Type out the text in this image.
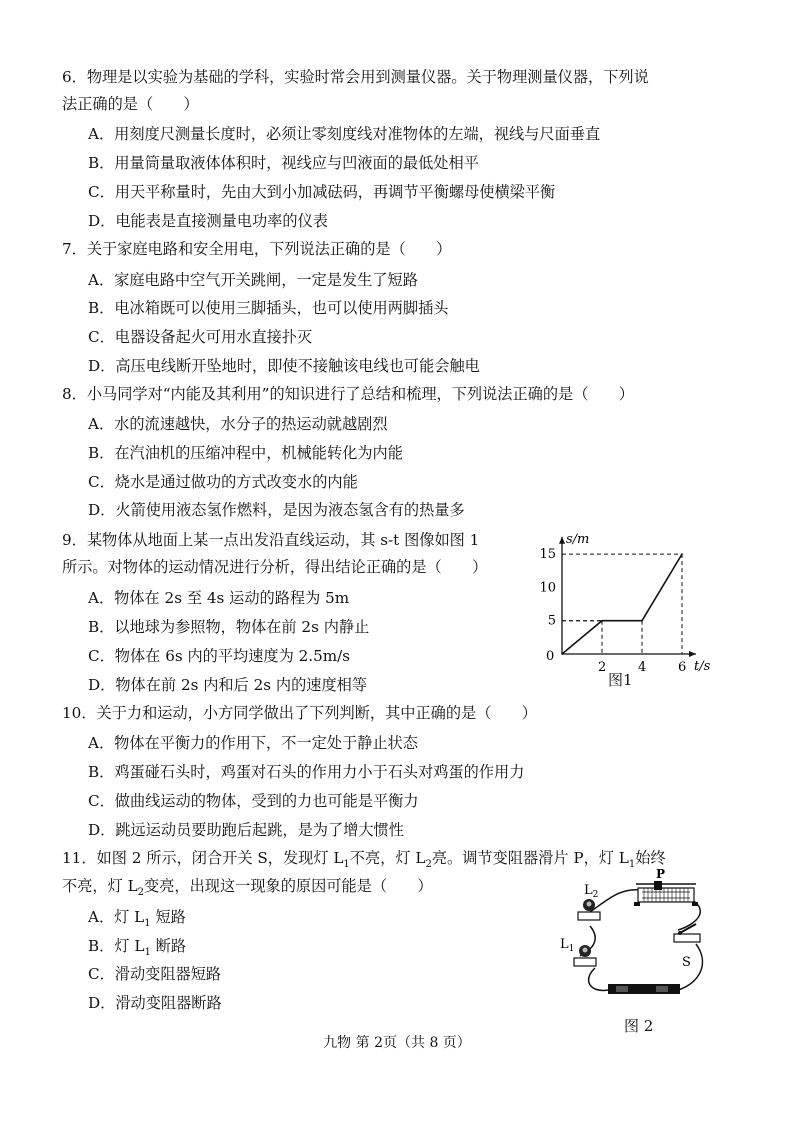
6．物理是以实验为基础的学科，实验时常会用到测量仪器。关于物理测量仪器，下列说
法正确的是（　　）
A．用刻度尺测量长度时，必须让零刻度线对准物体的左端，视线与尺面垂直
B．用量筒量取液体体积时，视线应与凹液面的最低处相平
C．用天平称量时，先由大到小加减砝码，再调节平衡螺母使横梁平衡
D．电能表是直接测量电功率的仪表
7．关于家庭电路和安全用电，下列说法正确的是（　　）
A．家庭电路中空气开关跳闸，一定是发生了短路
B．电冰箱既可以使用三脚插头，也可以使用两脚插头
C．电器设备起火可用水直接扑灭
D．高压电线断开坠地时，即使不接触该电线也可能会触电
8．小马同学对“内能及其利用”的知识进行了总结和梳理，下列说法正确的是（　　）
A．水的流速越快，水分子的热运动就越剧烈
B．在汽油机的压缩冲程中，机械能转化为内能
C．烧水是通过做功的方式改变水的内能
D．火箭使用液态氢作燃料，是因为液态氢含有的热量多
9．某物体从地面上某一点出发沿直线运动，其 s-t 图像如图 1
所示。对物体的运动情况进行分析，得出结论正确的是（　　）
A．物体在 2s 至 4s 运动的路程为 5m
B．以地球为参照物，物体在前 2s 内静止
C．物体在 6s 内的平均速度为 2.5m/s
D．物体在前 2s 内和后 2s 内的速度相等
10．关于力和运动，小方同学做出了下列判断，其中正确的是（　　）
A．物体在平衡力的作用下，不一定处于静止状态
B．鸡蛋碰石头时，鸡蛋对石头的作用力小于石头对鸡蛋的作用力
C．做曲线运动的物体，受到的力也可能是平衡力
D．跳远运动员要助跑后起跳，是为了增大惯性
11．如图 2 所示，闭合开关 S，发现灯 $L_1$不亮，灯 $L_2$亮。调节变阻器滑片 P，灯 $L_1$始终
不亮，灯 $L_2$变亮，出现这一现象的原因可能是（　　）
A．灯 $L_1$ 短路
B．灯 $L_1$ 断路
C．滑动变阻器短路
D．滑动变阻器断路
0
2 4 6
5
10
15
t/s
s/m
图1
$L_2$
$L_1$
P
S
图 2
九物 第 2页（共 8 页）
